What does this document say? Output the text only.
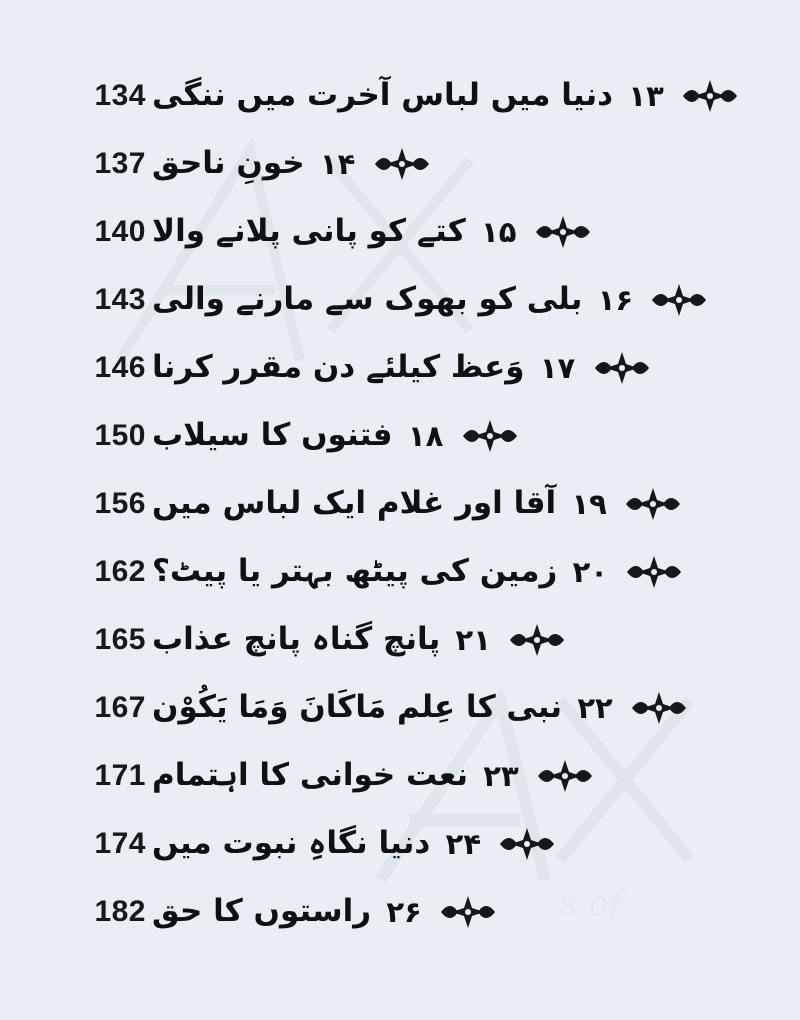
s of
134 دنیا میں لباس آخرت میں ننگی ۱۳
137 خونِ ناحق ۱۴
140 کتے کو پانی پلانے والا ۱۵
143 بلی کو بھوک سے مارنے والی ۱۶
146 وَعظ کیلئے دن مقرر کرنا ۱۷
150 فتنوں کا سیلاب ۱۸
156 آقا اور غلام ایک لباس میں ۱۹
162 زمین کی پیٹھ بہتر یا پیٹ؟ ۲۰
165 پانچ گناہ پانچ عذاب ۲۱
167 نبی کا عِلم مَاکَانَ وَمَا یَکُوْن ۲۲
171 نعت خوانی کا اہتمام ۲۳
174 دنیا نگاہِ نبوت میں ۲۴
182 راستوں کا حق ۲۶
